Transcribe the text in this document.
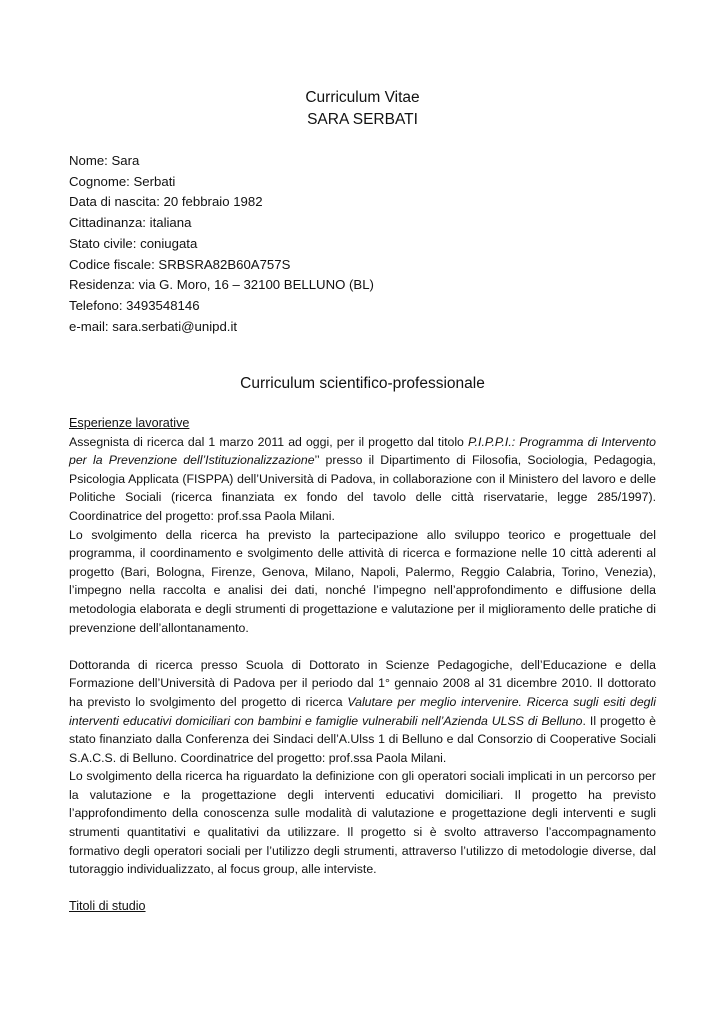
Curriculum Vitae
SARA SERBATI
Nome: Sara
Cognome: Serbati
Data di nascita: 20 febbraio 1982
Cittadinanza: italiana
Stato civile: coniugata
Codice fiscale: SRBSRA82B60A757S
Residenza: via G. Moro, 16 – 32100 BELLUNO (BL)
Telefono: 3493548146
e-mail: sara.serbati@unipd.it
Curriculum scientifico-professionale
Esperienze lavorative

Assegnista di ricerca dal 1 marzo 2011 ad oggi, per il progetto dal titolo P.I.P.P.I.: Programma di Intervento per la Prevenzione dell’Istituzionalizzazione’’ presso il Dipartimento di Filosofia, Sociologia, Pedagogia, Psicologia Applicata (FISPPA) dell’Università di Padova, in collaborazione con il Ministero del lavoro e delle Politiche Sociali (ricerca finanziata ex fondo del tavolo delle città riservatarie, legge 285/1997). Coordinatrice del progetto: prof.ssa Paola Milani.

Lo svolgimento della ricerca ha previsto la partecipazione allo sviluppo teorico e progettuale del programma, il coordinamento e svolgimento delle attività di ricerca e formazione nelle 10 città aderenti al progetto (Bari, Bologna, Firenze, Genova, Milano, Napoli, Palermo, Reggio Calabria, Torino, Venezia), l’impegno nella raccolta e analisi dei dati, nonché l’impegno nell’approfondimento e diffusione della metodologia elaborata e degli strumenti di progettazione e valutazione per il miglioramento delle pratiche di prevenzione dell’allontanamento.

Dottoranda di ricerca presso Scuola di Dottorato in Scienze Pedagogiche, dell’Educazione e della Formazione dell’Università di Padova per il periodo dal 1° gennaio 2008 al 31 dicembre 2010. Il dottorato ha previsto lo svolgimento del progetto di ricerca Valutare per meglio intervenire. Ricerca sugli esiti degli interventi educativi domiciliari con bambini e famiglie vulnerabili nell’Azienda ULSS di Belluno. Il progetto è stato finanziato dalla Conferenza dei Sindaci dell’A.Ulss 1 di Belluno e dal Consorzio di Cooperative Sociali S.A.C.S. di Belluno. Coordinatrice del progetto: prof.ssa Paola Milani.

Lo svolgimento della ricerca ha riguardato la definizione con gli operatori sociali implicati in un percorso per la valutazione e la progettazione degli interventi educativi domiciliari. Il progetto ha previsto l’approfondimento della conoscenza sulle modalità di valutazione e progettazione degli interventi e sugli strumenti quantitativi e qualitativi da utilizzare. Il progetto si è svolto attraverso l’accompagnamento formativo degli operatori sociali per l’utilizzo degli strumenti, attraverso l’utilizzo di metodologie diverse, dal tutoraggio individualizzato, al focus group, alle interviste.

Titoli di studio
